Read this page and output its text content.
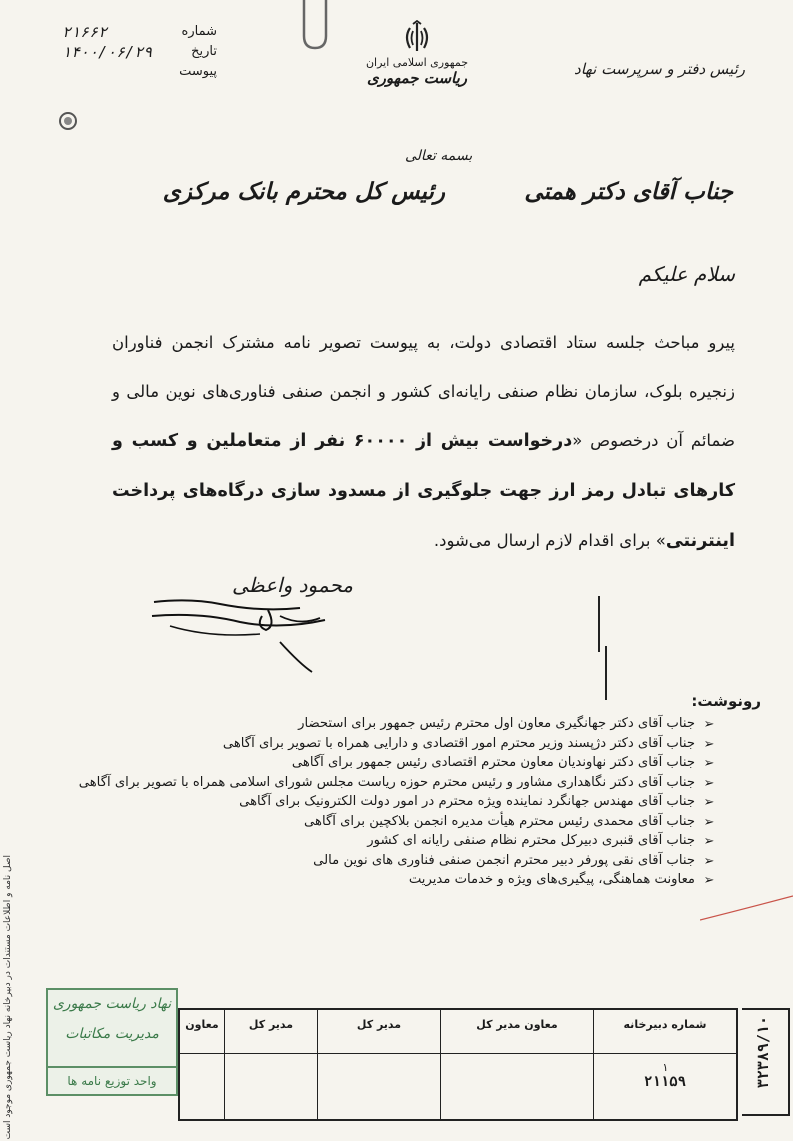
رئیس دفتر و سرپرست نهاد
جمهوری اسلامی ایران
ریاست جمهوری
شماره
۲۱۶۶۲
تاریخ
۱۴۰۰/۰۶/۲۹
پیوست
بسمه تعالی
جناب آقای دکتر همتی
رئیس کل محترم بانک مرکزی
سلام علیکم
پیرو مباحث جلسه ستاد اقتصادی دولت، به پیوست تصویر نامه مشترک انجمن فناوران زنجیره بلوک، سازمان نظام صنفی رایانه‌ای کشور و انجمن صنفی فناوری‌های نوین مالی و ضمائم آن درخصوص «درخواست بیش از ۶۰۰۰۰ نفر از متعاملین و کسب و کارهای تبادل رمز ارز جهت جلوگیری از مسدود سازی درگاه‌های پرداخت اینترنتی» برای اقدام لازم ارسال می‌شود.
محمود واعظی
رونوشت:
➢
جناب آقای دکتر جهانگیری معاون اول محترم رئیس جمهور برای استحضار
➢
جناب آقای دکتر دژپسند وزیر محترم امور اقتصادی و دارایی همراه با تصویر برای آگاهی
➢
جناب آقای دکتر نهاوندیان معاون محترم اقتصادی رئیس جمهور برای آگاهی
➢
جناب آقای دکتر نگاهداری مشاور و رئیس محترم حوزه ریاست مجلس شورای اسلامی همراه با تصویر برای آگاهی
➢
جناب آقای مهندس جهانگرد نماینده ویژه محترم در امور دولت الکترونیک برای آگاهی
➢
جناب آقای محمدی رئیس محترم هیأت مدیره انجمن بلاکچین برای آگاهی
➢
جناب آقای قنبری دبیرکل محترم نظام صنفی رایانه ای کشور
➢
جناب آقای نقی پورفر دبیر محترم انجمن صنفی فناوری های نوین مالی
➢
معاونت هماهنگی، پیگیری‌های ویژه و خدمات مدیریت
اصل نامه و اطلاعات مستندات در دبیرخانه نهاد ریاست جمهوری موجود است	نهاد ریاست جمهوری
مدیریت مکاتبات
واحد توزیع نامه ها
شماره دبیرخانه	معاون مدیر کل	مدیر کل	مدیر کل	معاون

۱
۲۱۱۵۹					۳۲۳۸۹/۱۰
